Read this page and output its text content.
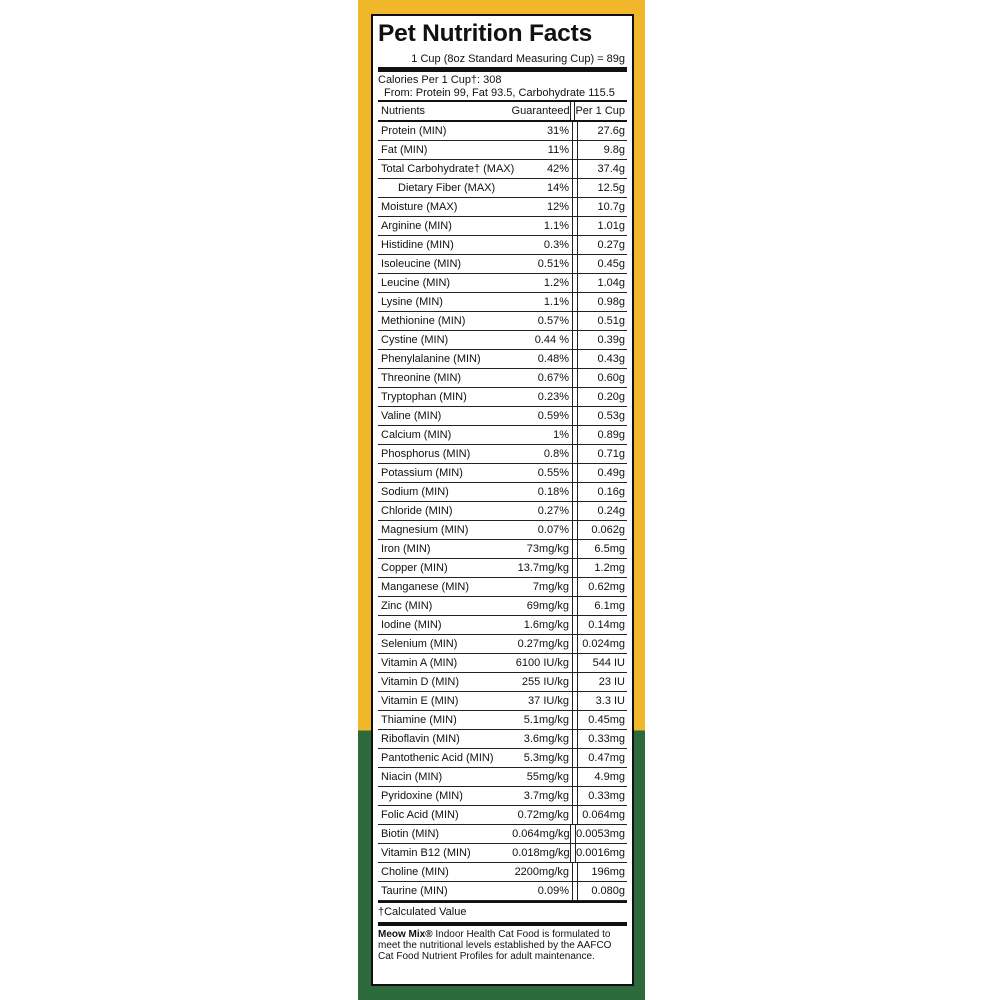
Pet Nutrition Facts
1 Cup (8oz Standard Measuring Cup) = 89g
Calories Per 1 Cup†: 308
From: Protein 99, Fat 93.5, Carbohydrate 115.5
Nutrients	Guaranteed Per 1 Cup
Protein (MIN)	31%	27.6g
Fat (MIN)	11%	9.8g
Total Carbohydrate† (MAX)	42%	37.4g
Dietary Fiber (MAX)	14%	12.5g
Moisture (MAX)	12%	10.7g
Arginine (MIN)	1.1%	1.01g
Histidine (MIN)	0.3%	0.27g
Isoleucine (MIN)	0.51%	0.45g
Leucine (MIN)	1.2%	1.04g
Lysine (MIN)	1.1%	0.98g
Methionine (MIN)	0.57%	0.51g
Cystine (MIN)	0.44 %	0.39g
Phenylalanine (MIN)	0.48%	0.43g
Threonine (MIN)	0.67%	0.60g
Tryptophan (MIN)	0.23%	0.20g
Valine (MIN)	0.59%	0.53g
Calcium (MIN)	1%	0.89g
Phosphorus (MIN)	0.8%	0.71g
Potassium (MIN)	0.55%	0.49g
Sodium (MIN)	0.18%	0.16g
Chloride (MIN)	0.27%	0.24g
Magnesium (MIN)	0.07%	0.062g
Iron (MIN)	73mg/kg	6.5mg
Copper (MIN)	13.7mg/kg	1.2mg
Manganese (MIN)	7mg/kg	0.62mg
Zinc (MIN)	69mg/kg	6.1mg
Iodine (MIN)	1.6mg/kg	0.14mg
Selenium (MIN)	0.27mg/kg	0.024mg
Vitamin A (MIN)	6100 IU/kg	544 IU
Vitamin D (MIN)	255 IU/kg	23 IU
Vitamin E (MIN)	37 IU/kg	3.3 IU
Thiamine (MIN)	5.1mg/kg	0.45mg
Riboflavin (MIN)	3.6mg/kg	0.33mg
Pantothenic Acid (MIN)	5.3mg/kg	0.47mg
Niacin (MIN)	55mg/kg	4.9mg
Pyridoxine (MIN)	3.7mg/kg	0.33mg
Folic Acid (MIN)	0.72mg/kg	0.064mg
Biotin (MIN)	0.064mg/kg 0.0053mg
Vitamin B12 (MIN)	0.018mg/kg 0.0016mg
Choline (MIN)	2200mg/kg	196mg
Taurine (MIN)	0.09%	0.080g
†Calculated Value
Meow Mix® Indoor Health Cat Food is formulated to meet the nutritional levels established by the AAFCO Cat Food Nutrient Profiles for adult maintenance.
